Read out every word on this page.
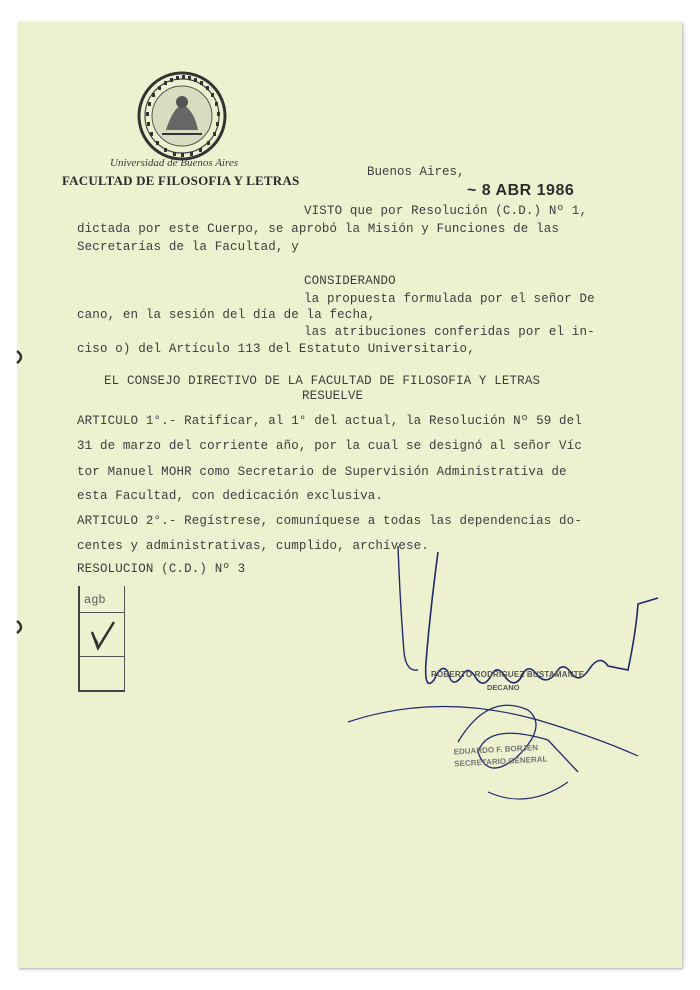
Universidad de Buenos Aires
FACULTAD DE FILOSOFIA Y LETRAS
Buenos Aires,
~ 8 ABR 1986
VISTO que por Resolución (C.D.) Nº 1,
dictada por este Cuerpo, se aprobó la Misión y Funciones de las
Secretarías de la Facultad, y
CONSIDERANDO
la propuesta formulada por el señor De
cano, en la sesión del día de la fecha,
las atribuciones conferidas por el in-
ciso o) del Artículo 113 del Estatuto Universitario,
EL CONSEJO DIRECTIVO DE LA FACULTAD DE FILOSOFIA Y LETRAS
RESUELVE
ARTICULO 1°.- Ratificar, al 1° del actual, la Resolución Nº 59 del
31 de marzo del corriente año, por la cual se designó al señor Víc
tor Manuel MOHR como Secretario de Supervisión Administrativa de
esta Facultad, con dedicación exclusiva.
ARTICULO 2°.- Regístrese, comuníquese a todas las dependencias do-
centes y administrativas, cumplido, archívese.
RESOLUCION (C.D.) Nº 3
agb
ROBERTO RODRIGUEZ BUSTAMANTE
DECANO
EDUARDO F. BORJEN
SECRETARIO GENERAL
